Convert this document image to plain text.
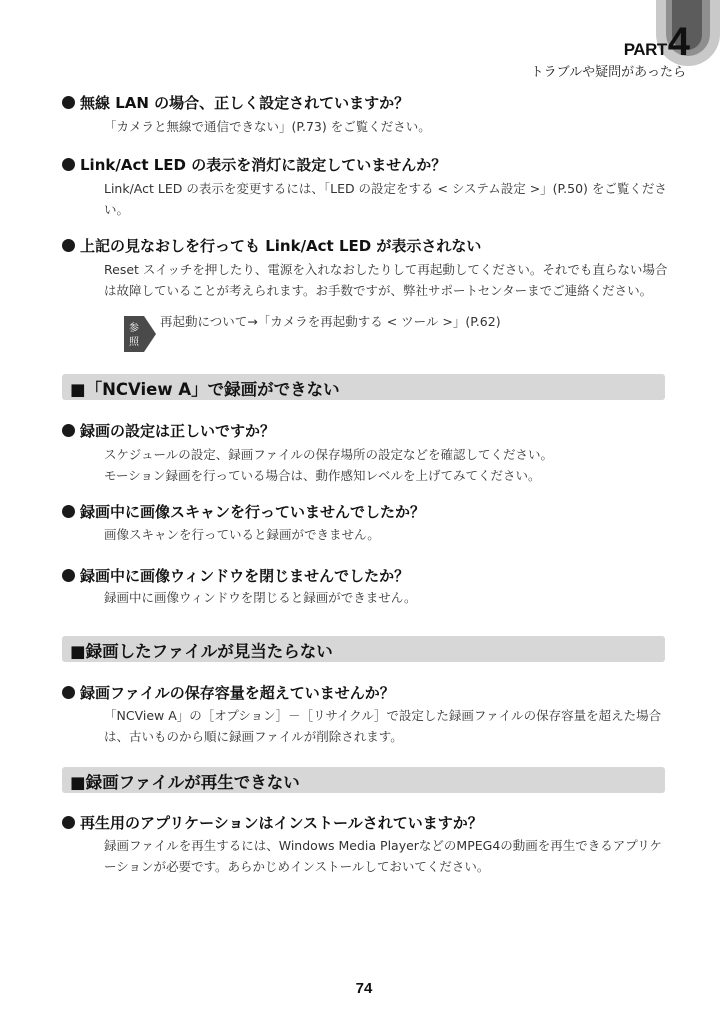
PART4
トラブルや疑問があったら
無線 LAN の場合、正しく設定されていますか？
「カメラと無線で通信できない」(P.73) をご覧ください。
Link/Act LED の表示を消灯に設定していませんか？
Link/Act LED の表示を変更するには、「LED の設定をする < システム設定 >」(P.50) をご覧ください。
上記の見なおしを行っても Link/Act LED が表示されない
Reset スイッチを押したり、電源を入れなおしたりして再起動してください。それでも直らない場合は故障していることが考えられます。お手数ですが、弊社サポートセンターまでご連絡ください。
参
照
再起動について→「カメラを再起動する < ツール >」(P.62)
■「NCView A」で録画ができない
録画の設定は正しいですか？
スケジュールの設定、録画ファイルの保存場所の設定などを確認してください。
モーション録画を行っている場合は、動作感知レベルを上げてみてください。
録画中に画像スキャンを行っていませんでしたか？
画像スキャンを行っていると録画ができません。
録画中に画像ウィンドウを閉じませんでしたか？
録画中に画像ウィンドウを閉じると録画ができません。
■録画したファイルが見当たらない
録画ファイルの保存容量を超えていませんか？
「NCView A」の［オプション］－［リサイクル］で設定した録画ファイルの保存容量を超えた場合は、古いものから順に録画ファイルが削除されます。
■録画ファイルが再生できない
再生用のアプリケーションはインストールされていますか？
録画ファイルを再生するには、Windows Media PlayerなどのMPEG4の動画を再生できるアプリケーションが必要です。あらかじめインストールしておいてください。
74
